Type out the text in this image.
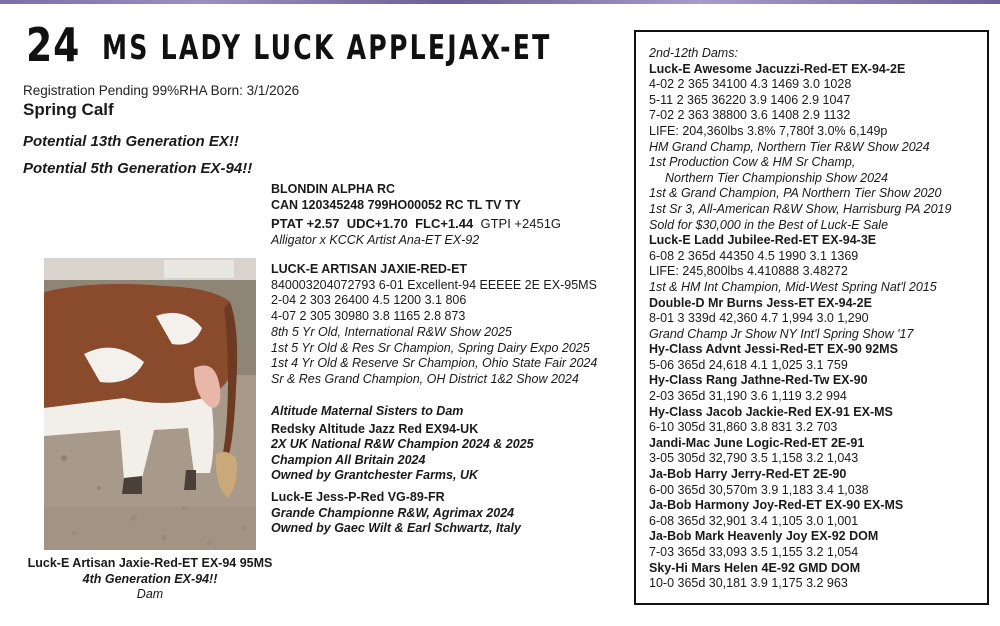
24 MS LADY LUCK APPLEJAX-ET
Registration Pending 99%RHA Born: 3/1/2026
Spring Calf
Potential 13th Generation EX!!
Potential 5th Generation EX-94!!
BLONDIN ALPHA RC
CAN 120345248 799HO00052 RC TL TV TY
PTAT +2.57 UDC+1.70 FLC+1.44 GTPI +2451G
Alligator x KCCK Artist Ana-ET EX-92
LUCK-E ARTISAN JAXIE-RED-ET
840003204072793 6-01 Excellent-94 EEEEE 2E EX-95MS
2-04 2 303 26400 4.5 1200 3.1 806
4-07 2 305 30980 3.8 1165 2.8 873
8th 5 Yr Old, International R&W Show 2025
1st 5 Yr Old & Res Sr Champion, Spring Dairy Expo 2025
1st 4 Yr Old & Reserve Sr Champion, Ohio State Fair 2024
Sr & Res Grand Champion, OH District 1&2 Show 2024
Altitude Maternal Sisters to Dam
Redsky Altitude Jazz Red EX94-UK
2X UK National R&W Champion 2024 & 2025
Champion All Britain 2024
Owned by Grantchester Farms, UK
Luck-E Jess-P-Red VG-89-FR
Grande Championne R&W, Agrimax 2024
Owned by Gaec Wilt & Earl Schwartz, Italy
Luck-E Artisan Jaxie-Red-ET EX-94 95MS
4th Generation EX-94!!
Dam
2nd-12th Dams:
Luck-E Awesome Jacuzzi-Red-ET EX-94-2E
4-02 2 365 34100 4.3 1469 3.0 1028
5-11 2 365 36220 3.9 1406 2.9 1047
7-02 2 363 38800 3.6 1408 2.9 1132
LIFE: 204,360lbs 3.8% 7,780f 3.0% 6,149p
HM Grand Champ, Northern Tier R&W Show 2024
1st Production Cow & HM Sr Champ,
Northern Tier Championship Show 2024
1st & Grand Champion, PA Northern Tier Show 2020
1st Sr 3, All-American R&W Show, Harrisburg PA 2019
Sold for $30,000 in the Best of Luck-E Sale
Luck-E Ladd Jubilee-Red-ET EX-94-3E
6-08 2 365d 44350 4.5 1990 3.1 1369
LIFE: 245,800lbs 4.410888 3.48272
1st & HM Int Champion, Mid-West Spring Nat'l 2015
Double-D Mr Burns Jess-ET EX-94-2E
8-01 3 339d 42,360 4.7 1,994 3.0 1,290
Grand Champ Jr Show NY Int'l Spring Show '17
Hy-Class Advnt Jessi-Red-ET EX-90 92MS
5-06 365d 24,618 4.1 1,025 3.1 759
Hy-Class Rang Jathne-Red-Tw EX-90
2-03 365d 31,190 3.6 1,119 3.2 994
Hy-Class Jacob Jackie-Red EX-91 EX-MS
6-10 305d 31,860 3.8 831 3.2 703
Jandi-Mac June Logic-Red-ET 2E-91
3-05 305d 32,790 3.5 1,158 3.2 1,043
Ja-Bob Harry Jerry-Red-ET 2E-90
6-00 365d 30,570m 3.9 1,183 3.4 1,038
Ja-Bob Harmony Joy-Red-ET EX-90 EX-MS
6-08 365d 32,901 3.4 1,105 3.0 1,001
Ja-Bob Mark Heavenly Joy EX-92 DOM
7-03 365d 33,093 3.5 1,155 3.2 1,054
Sky-Hi Mars Helen 4E-92 GMD DOM
10-0 365d 30,181 3.9 1,175 3.2 963
